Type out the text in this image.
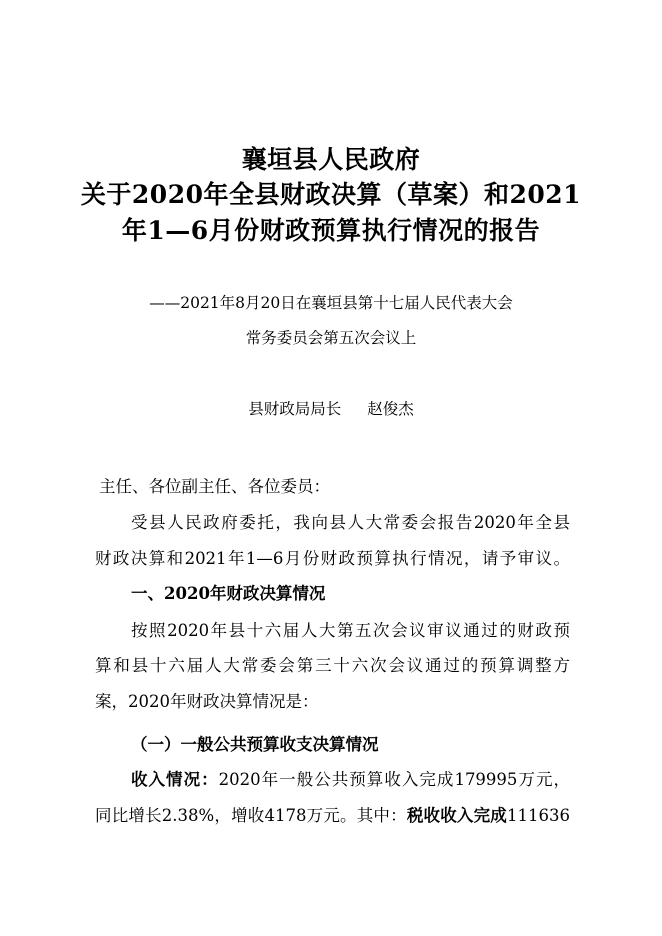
襄垣县人民政府
关于2020年全县财政决算（草案）和2021
年1—6月份财政预算执行情况的报告
——2021年8月20日在襄垣县第十七届人民代表大会
常务委员会第五次会议上
县财政局局长 赵俊杰
主任、各位副主任、各位委员：
受县人民政府委托，我向县人大常委会报告2020年全县
财政决算和2021年1—6月份财政预算执行情况，请予审议。
一、2020年财政决算情况
按照2020年县十六届人大第五次会议审议通过的财政预
算和县十六届人大常委会第三十六次会议通过的预算调整方
案，2020年财政决算情况是：
（一）一般公共预算收支决算情况
收入情况：2020年一般公共预算收入完成179995万元，
同比增长2.38%，增收4178万元。其中：税收收入完成111636
